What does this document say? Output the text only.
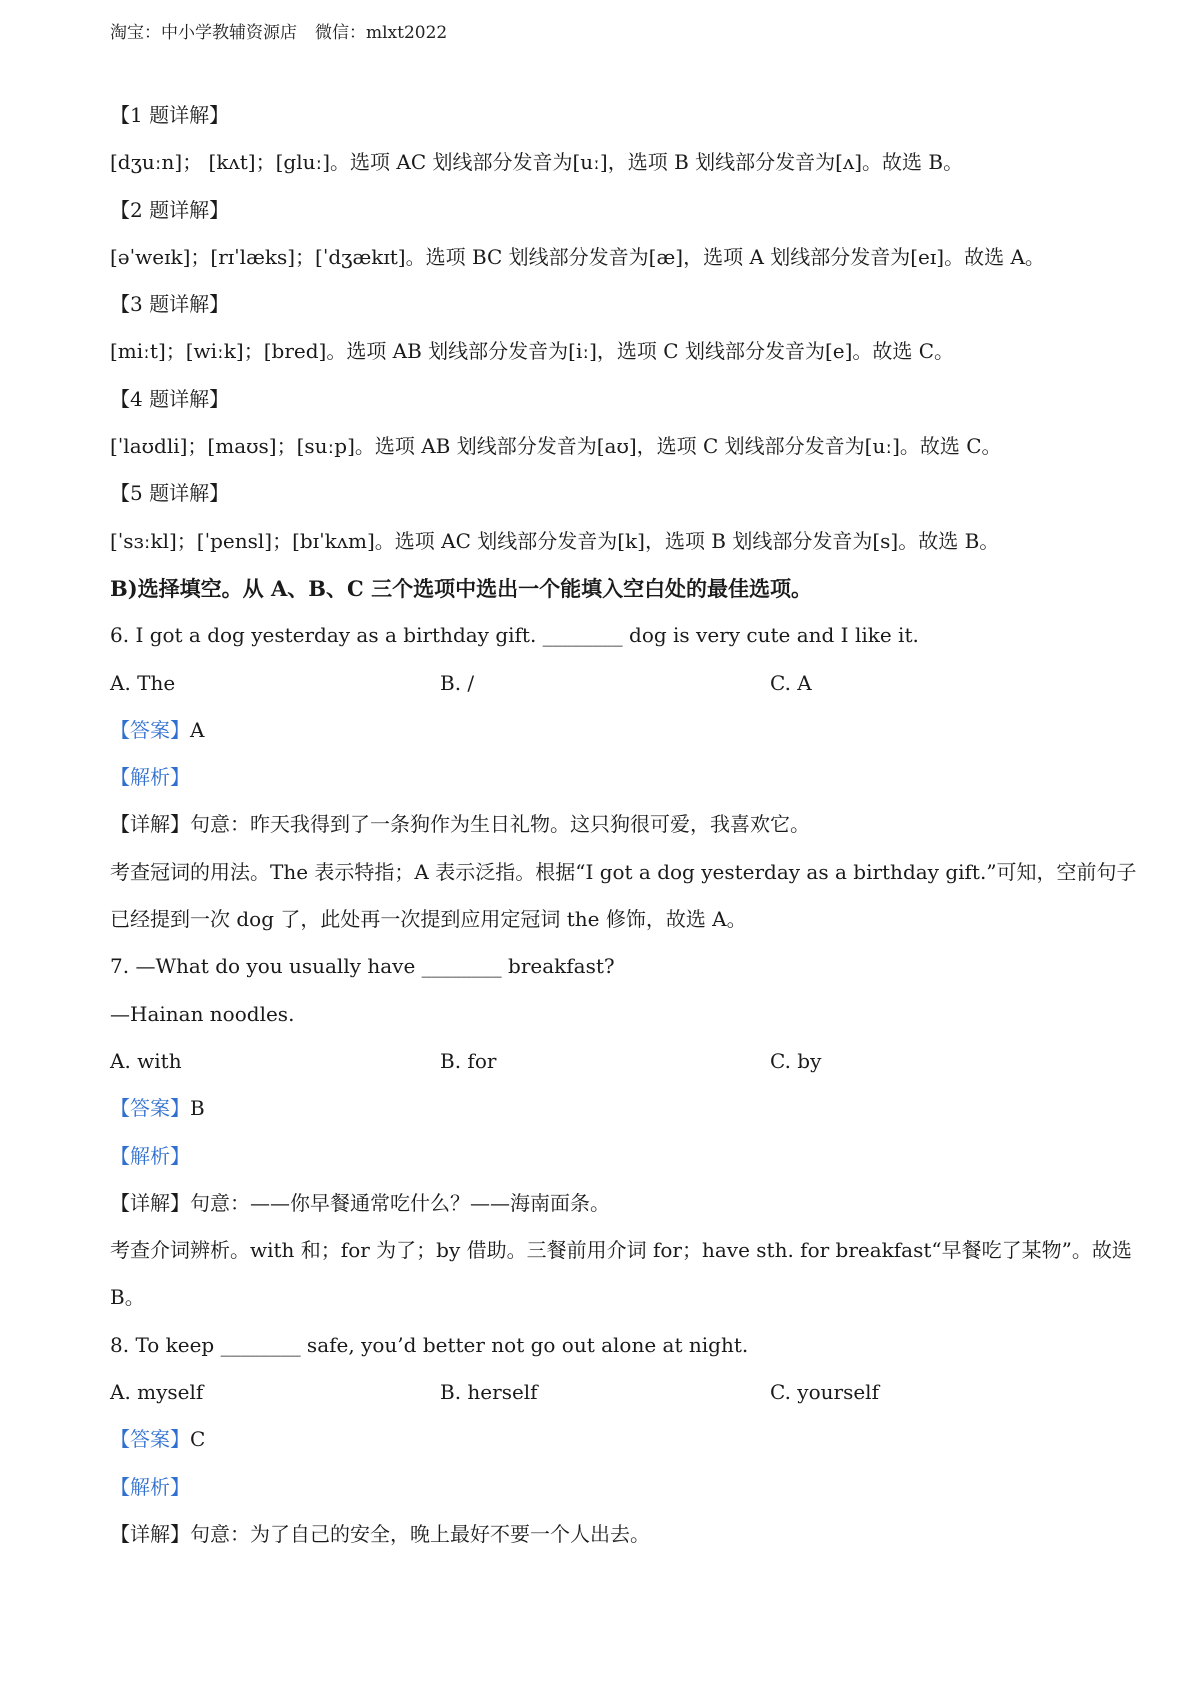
淘宝：中小学教辅资源店 微信：mlxt2022
【1 题详解】
[dʒuːn]； [kʌt]；[gluː]。选项 AC 划线部分发音为[uː]，选项 B 划线部分发音为[ʌ]。故选 B。
【2 题详解】
[əˈweɪk]；[rɪˈlæks]；[ˈdʒækɪt]。选项 BC 划线部分发音为[æ]，选项 A 划线部分发音为[eɪ]。故选 A。
【3 题详解】
[miːt]；[wiːk]；[bred]。选项 AB 划线部分发音为[iː]，选项 C 划线部分发音为[e]。故选 C。
【4 题详解】
[ˈlaʊdli]；[maʊs]；[suːp]。选项 AB 划线部分发音为[aʊ]，选项 C 划线部分发音为[uː]。故选 C。
【5 题详解】
[ˈsɜːkl]；[ˈpensl]；[bɪˈkʌm]。选项 AC 划线部分发音为[k]，选项 B 划线部分发音为[s]。故选 B。
B)选择填空。从 A、B、C 三个选项中选出一个能填入空白处的最佳选项。
6. I got a dog yesterday as a birthday gift. ________ dog is very cute and I like it.
A. The	B. /	C. A
【答案】A
【解析】
【详解】句意：昨天我得到了一条狗作为生日礼物。这只狗很可爱，我喜欢它。
考查冠词的用法。The 表示特指；A 表示泛指。根据“I got a dog yesterday as a birthday gift.”可知，空前句子
已经提到一次 dog 了，此处再一次提到应用定冠词 the 修饰，故选 A。
7. —What do you usually have ________ breakfast?
—Hainan noodles.
A. with	B. for	C. by
【答案】B
【解析】
【详解】句意：——你早餐通常吃什么？——海南面条。
考查介词辨析。with 和；for 为了；by 借助。三餐前用介词 for；have sth. for breakfast“早餐吃了某物”。故选
B。
8. To keep ________ safe, you’d better not go out alone at night.
A. myself	B. herself	C. yourself
【答案】C
【解析】
【详解】句意：为了自己的安全，晚上最好不要一个人出去。
